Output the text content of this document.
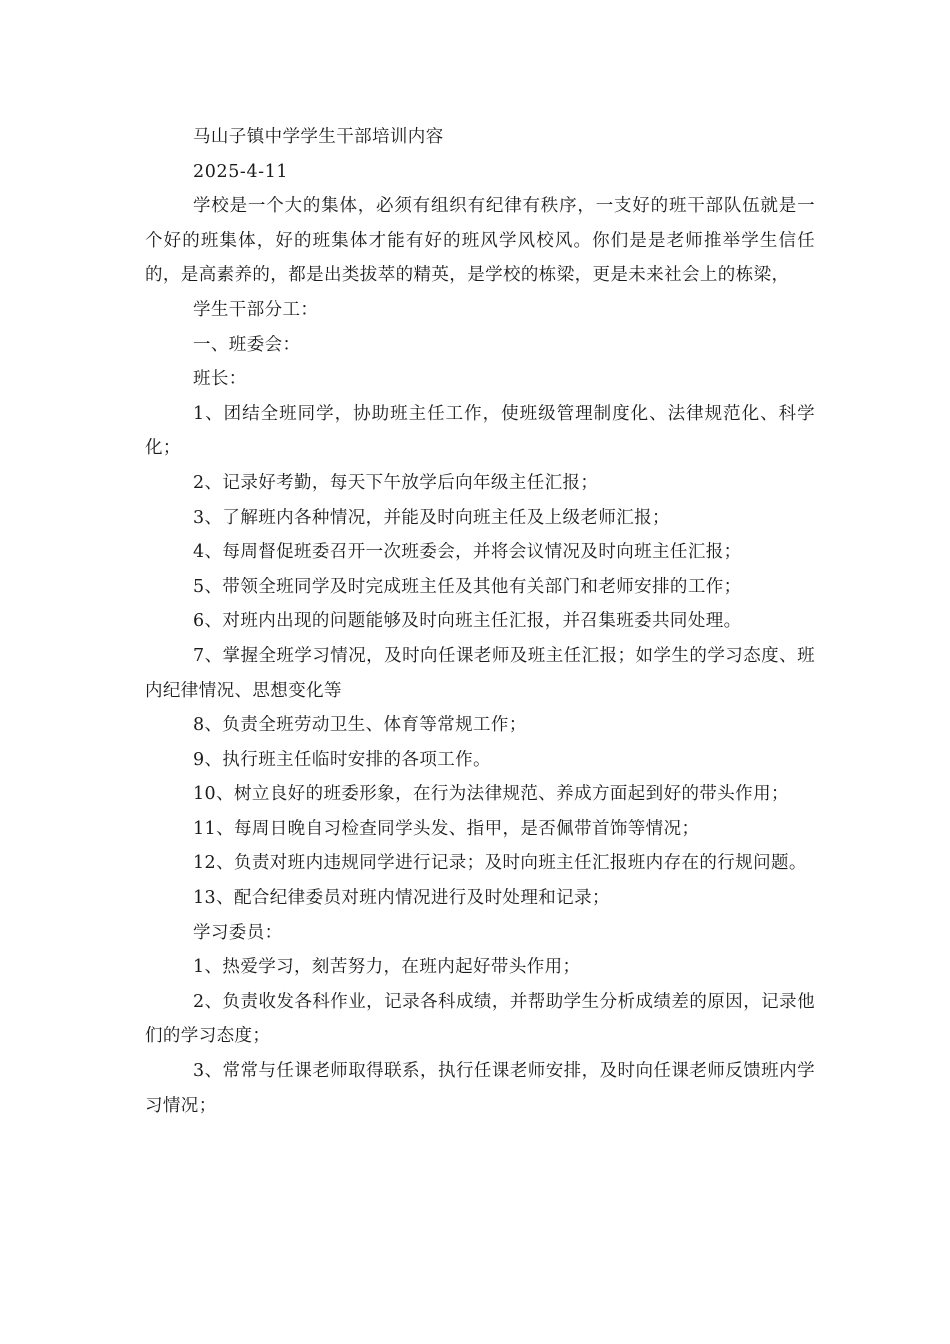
马山子镇中学学生干部培训内容

2025-4-11

学校是一个大的集体，必须有组织有纪律有秩序，一支好的班干部队伍就是一个好的班集体，好的班集体才能有好的班风学风校风。你们是是老师推举学生信任的，是高素养的，都是出类拔萃的精英，是学校的栋梁，更是未来社会上的栋梁，

学生干部分工：

一、班委会：

班长：

1、团结全班同学，协助班主任工作，使班级管理制度化、法律规范化、科学化；

2、记录好考勤，每天下午放学后向年级主任汇报；

3、了解班内各种情况，并能及时向班主任及上级老师汇报；

4、每周督促班委召开一次班委会，并将会议情况及时向班主任汇报；

5、带领全班同学及时完成班主任及其他有关部门和老师安排的工作；

6、对班内出现的问题能够及时向班主任汇报，并召集班委共同处理。

7、掌握全班学习情况，及时向任课老师及班主任汇报；如学生的学习态度、班内纪律情况、思想变化等

8、负责全班劳动卫生、体育等常规工作；

9、执行班主任临时安排的各项工作。

10、树立良好的班委形象，在行为法律规范、养成方面起到好的带头作用；

11、每周日晚自习检查同学头发、指甲，是否佩带首饰等情况；

12、负责对班内违规同学进行记录；及时向班主任汇报班内存在的行规问题。

13、配合纪律委员对班内情况进行及时处理和记录；

学习委员：

1、热爱学习，刻苦努力，在班内起好带头作用；

2、负责收发各科作业，记录各科成绩，并帮助学生分析成绩差的原因，记录他们的学习态度；

3、常常与任课老师取得联系，执行任课老师安排，及时向任课老师反馈班内学习情况；
